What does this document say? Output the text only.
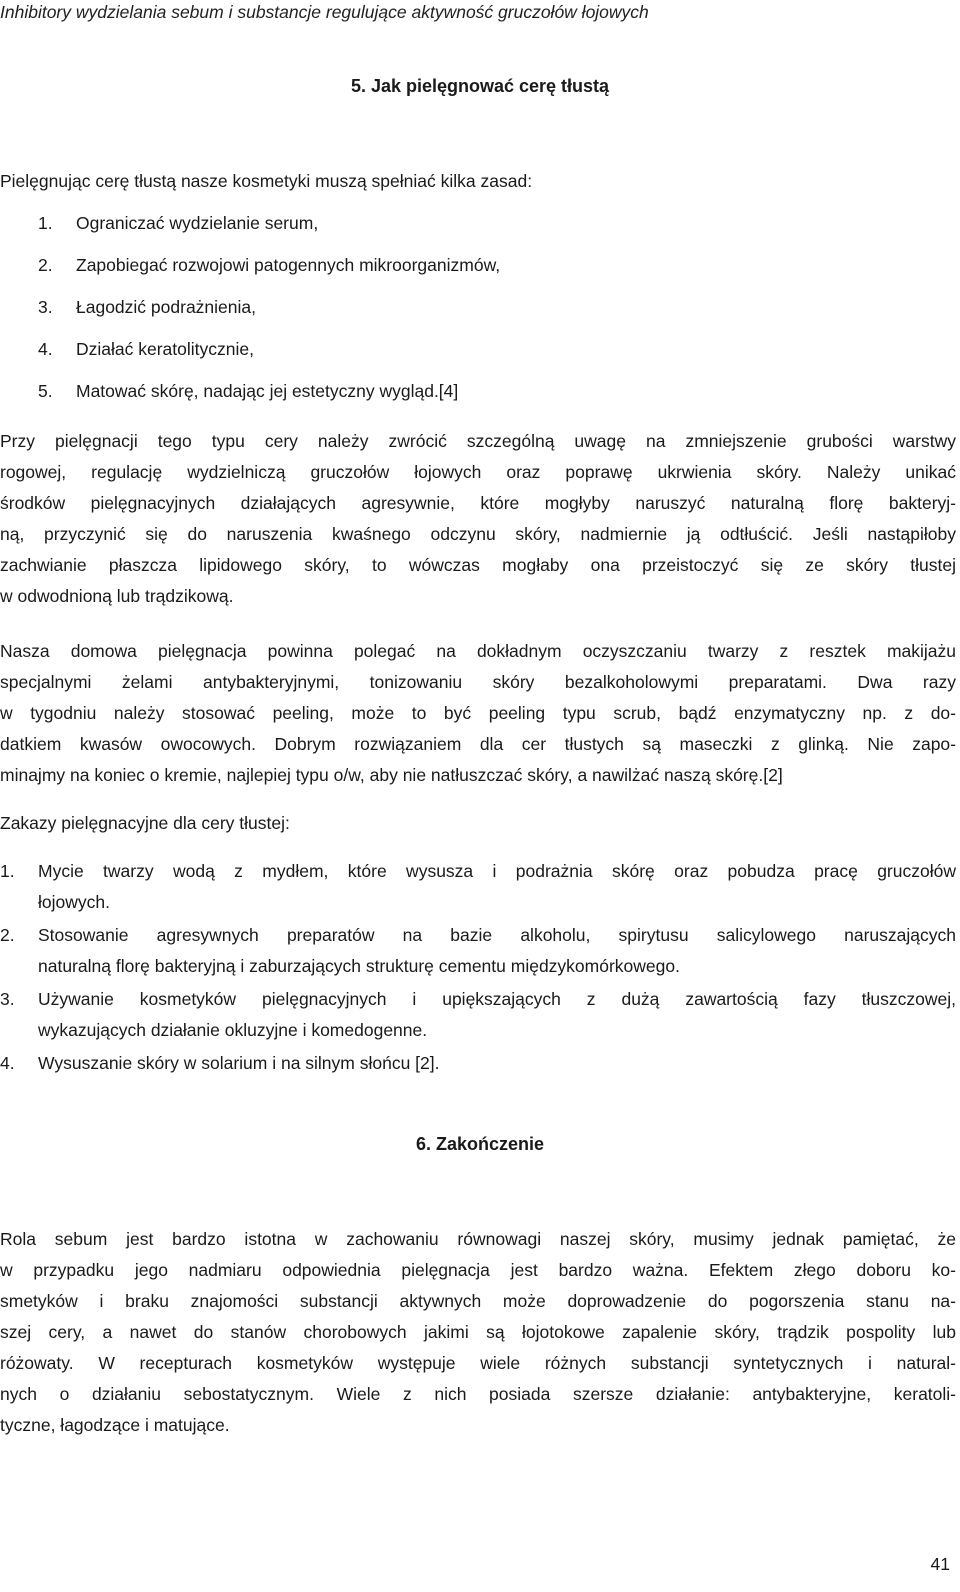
Inhibitory wydzielania sebum i substancje regulujące aktywność gruczołów łojowych
5. Jak pielęgnować cerę tłustą
Pielęgnując cerę tłustą nasze kosmetyki muszą spełniać kilka zasad:
1.	Ograniczać wydzielanie serum,
2.	Zapobiegać rozwojowi patogennych mikroorganizmów,
3.	Łagodzić podrażnienia,
4.	Działać keratolitycznie,
5.	Matować skórę, nadając jej estetyczny wygląd.[4]
Przy pielęgnacji tego typu cery należy zwrócić szczególną uwagę na zmniejszenie grubości warstwy
rogowej, regulację wydzielniczą gruczołów łojowych oraz poprawę ukrwienia skóry. Należy unikać
środków pielęgnacyjnych działających agresywnie, które mogłyby naruszyć naturalną florę bakteryj-
ną, przyczynić się do naruszenia kwaśnego odczynu skóry, nadmiernie ją odtłuścić. Jeśli nastąpiłoby
zachwianie płaszcza lipidowego skóry, to wówczas mogłaby ona przeistoczyć się ze skóry tłustej
w odwodnioną lub trądzikową.
Nasza domowa pielęgnacja powinna polegać na dokładnym oczyszczaniu twarzy z resztek makijażu
specjalnymi żelami antybakteryjnymi, tonizowaniu skóry bezalkoholowymi preparatami. Dwa razy
w tygodniu należy stosować peeling, może to być peeling typu scrub, bądź enzymatyczny np. z do-
datkiem kwasów owocowych. Dobrym rozwiązaniem dla cer tłustych są maseczki z glinką. Nie zapo-
minajmy na koniec o kremie, najlepiej typu o/w, aby nie natłuszczać skóry, a nawilżać naszą skórę.[2]
Zakazy pielęgnacyjne dla cery tłustej:
1.	Mycie twarzy wodą z mydłem, które wysusza i podrażnia skórę oraz pobudza pracę gruczołów
łojowych.
2.	Stosowanie agresywnych preparatów na bazie alkoholu, spirytusu salicylowego naruszających
naturalną florę bakteryjną i zaburzających strukturę cementu międzykomórkowego.
3.	Używanie kosmetyków pielęgnacyjnych i upiększających z dużą zawartością fazy tłuszczowej,
wykazujących działanie okluzyjne i komedogenne.
4.	Wysuszanie skóry w solarium i na silnym słońcu [2].
6. Zakończenie
Rola sebum jest bardzo istotna w zachowaniu równowagi naszej skóry, musimy jednak pamiętać, że
w przypadku jego nadmiaru odpowiednia pielęgnacja jest bardzo ważna. Efektem złego doboru ko-
smetyków i braku znajomości substancji aktywnych może doprowadzenie do pogorszenia stanu na-
szej cery, a nawet do stanów chorobowych jakimi są łojotokowe zapalenie skóry, trądzik pospolity lub
różowaty. W recepturach kosmetyków występuje wiele różnych substancji syntetycznych i natural-
nych o działaniu sebostatycznym. Wiele z nich posiada szersze działanie: antybakteryjne, keratoli-
tyczne, łagodzące i matujące.
41
